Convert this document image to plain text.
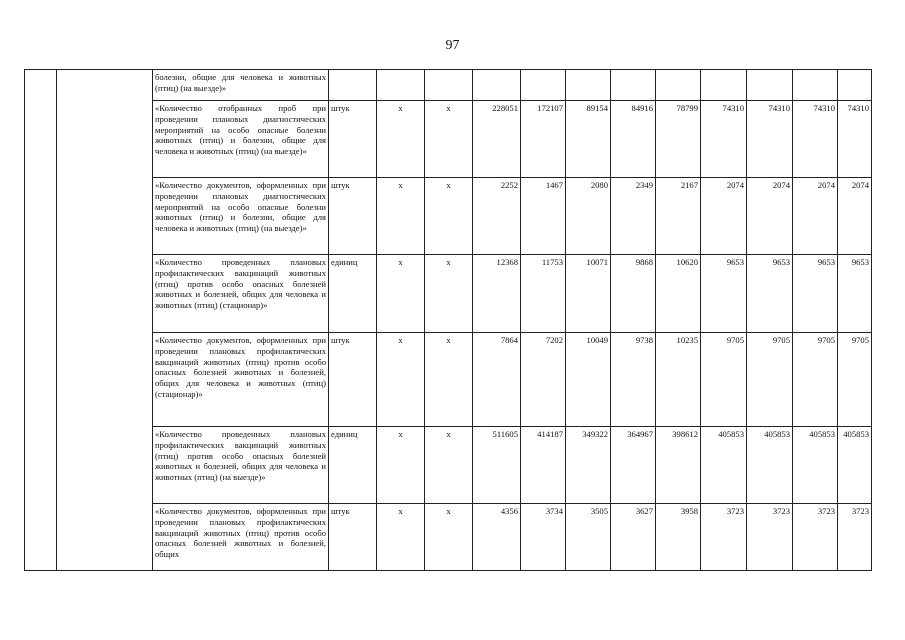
97
		болезни, общие для человека и животных (птиц) (на выезде)»												
		«Количество отобранных проб при проведении плановых диагностических мероприятий на особо опасные болезни животных (птиц) и болезни, общие для человека и животных (птиц) (на выезде)»	штук	х	х	228051	172107	89154	84916	78799	74310	74310	74310	74310
		«Количество документов, оформленных при проведении плановых диагностических мероприятий на особо опасные болезни животных (птиц) и болезни, общие для человека и животных (птиц) (на выезде)»	штук	х	х	2252	1467	2080	2349	2167	2074	2074	2074	2074
		«Количество проведенных плановых профилактических вакцинаций животных (птиц) против особо опасных болезней животных и болезней, общих для человека и животных (птиц) (стационар)»	единиц	х	х	12368	11753	10071	9868	10620	9653	9653	9653	9653
		«Количество документов, оформленных при проведении плановых профилактических вакцинаций животных (птиц) против особо опасных болезней животных и болезней, общих для человека и животных (птиц) (стационар)»	штук	х	х	7864	7202	10049	9738	10235	9705	9705	9705	9705
		«Количество проведенных плановых профилактических вакцинаций животных (птиц) против особо опасных болезней животных и болезней, общих для человека и животных (птиц) (на выезде)»	единиц	х	х	511605	414187	349322	364967	398612	405853	405853	405853	405853
		«Количество документов, оформленных при проведении плановых профилактических вакцинаций животных (птиц) против особо опасных болезней животных и болезней, общих	штук	х	х	4356	3734	3505	3627	3958	3723	3723	3723	3723
